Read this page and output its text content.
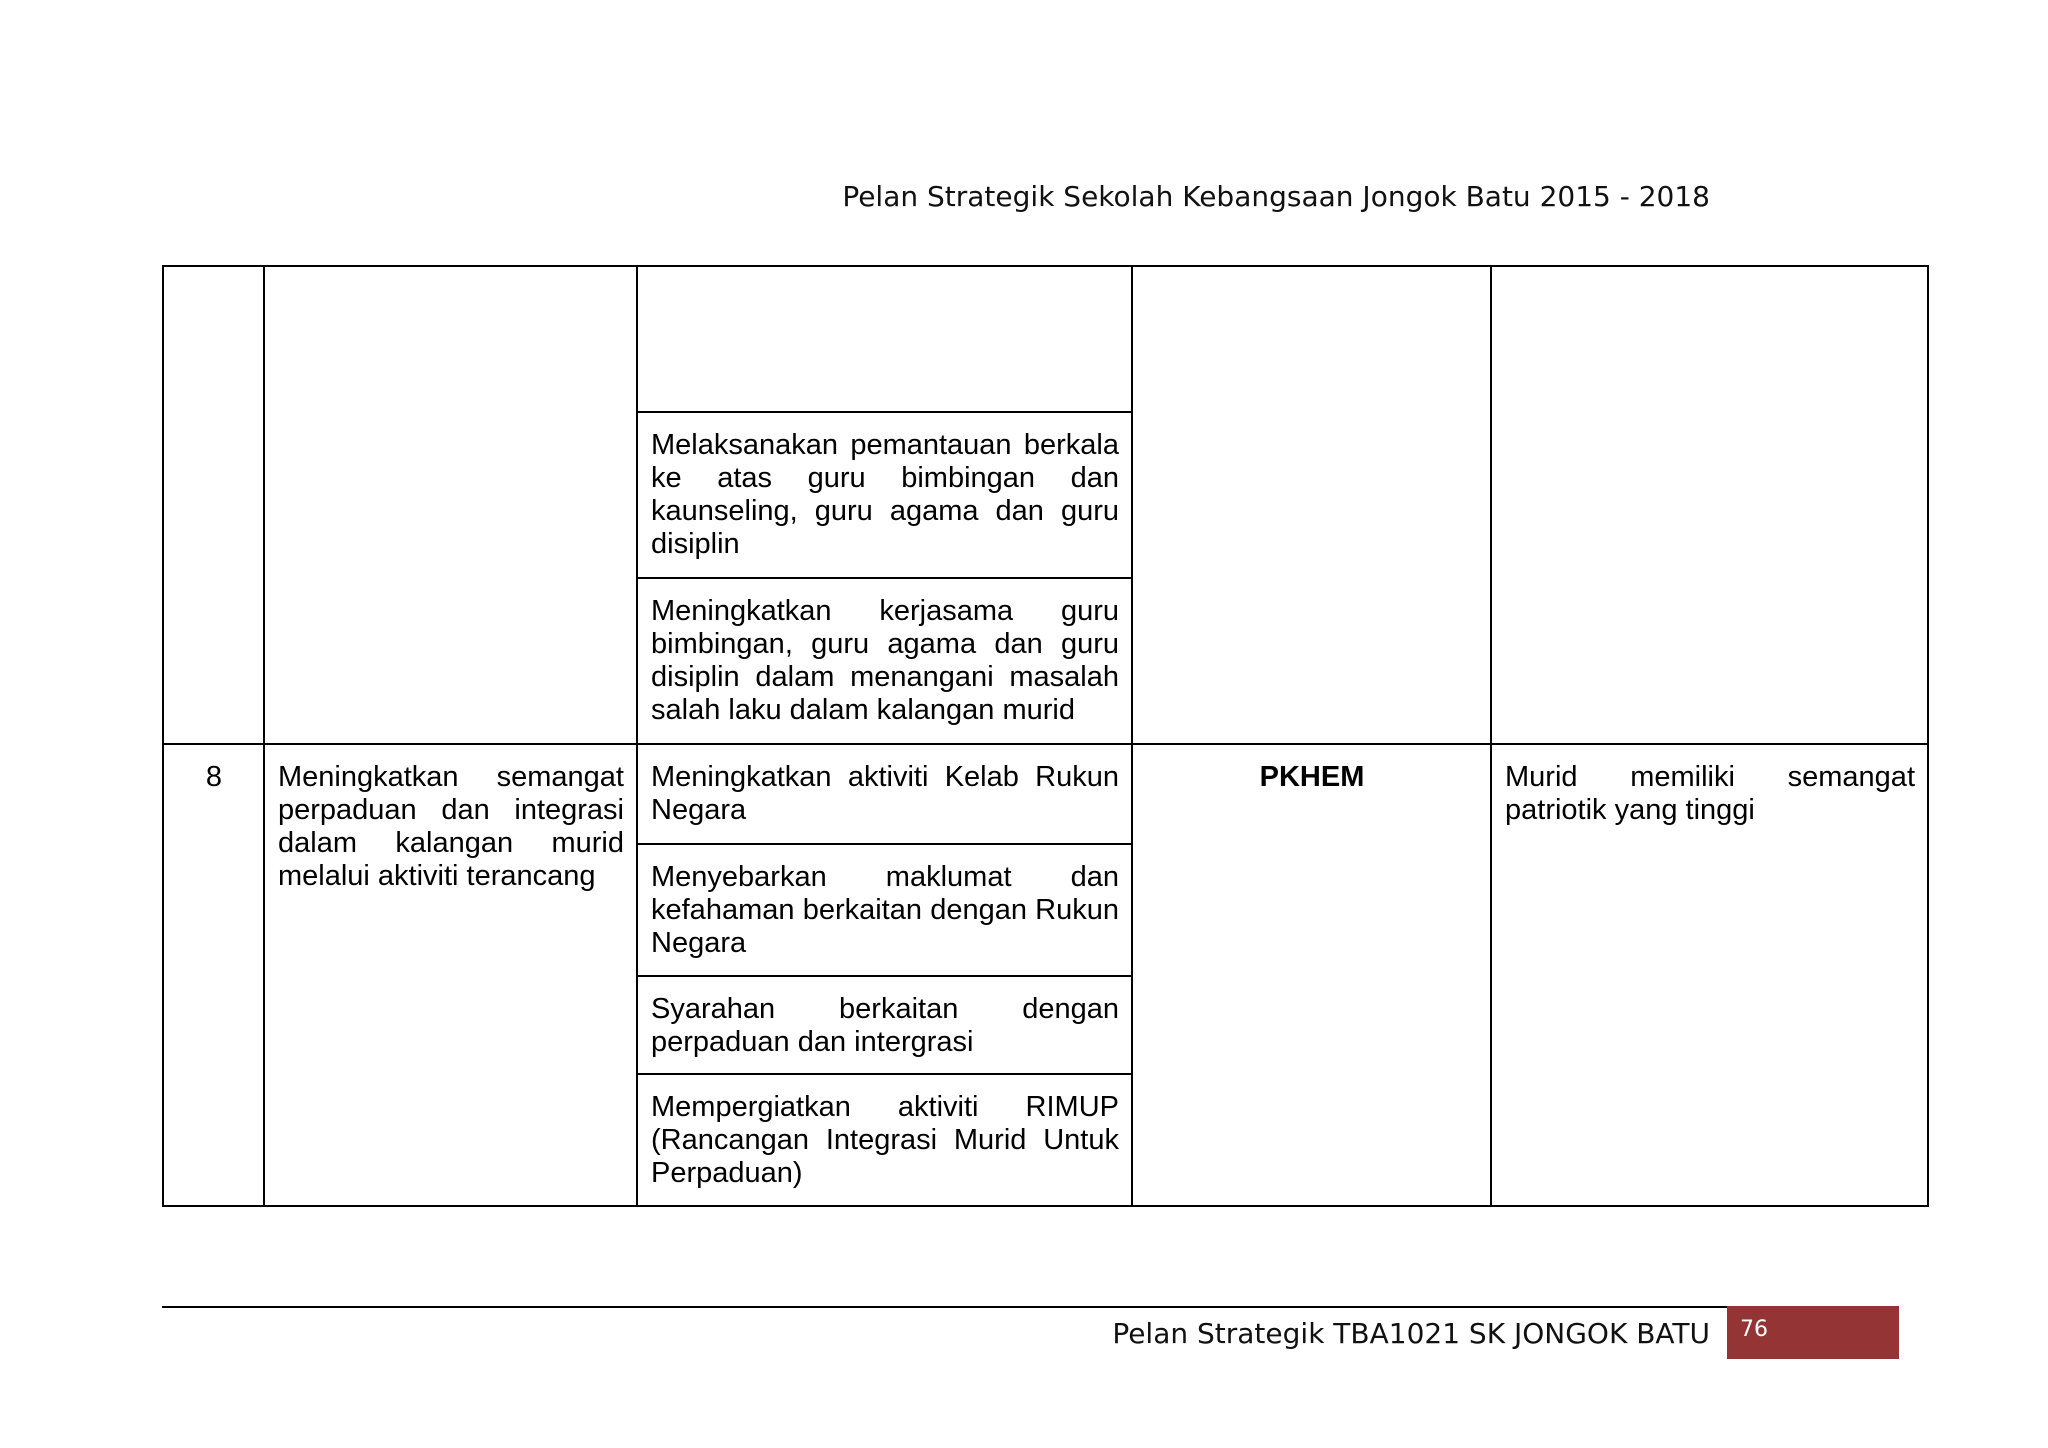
Pelan Strategik Sekolah Kebangsaan Jongok Batu 2015 - 2018

		Melaksanakan pemantauan berkala ke atas guru bimbingan dan kaunseling, guru agama dan guru disiplin		
		Meningkatkan kerjasama guru bimbingan, guru agama dan guru disiplin dalam menangani masalah salah laku dalam kalangan murid		
8	Meningkatkan semangat perpaduan dan integrasi dalam kalangan murid melalui aktiviti terancang	Meningkatkan aktiviti Kelab Rukun Negara	PKHEM	Murid memiliki semangat patriotik yang tinggi
		Menyebarkan maklumat dan kefahaman berkaitan dengan Rukun Negara		
		Syarahan berkaitan dengan perpaduan dan intergrasi		
		Mempergiatkan aktiviti RIMUP (Rancangan Integrasi Murid Untuk Perpaduan)		
Pelan Strategik TBA1021 SK JONGOK BATU	76
